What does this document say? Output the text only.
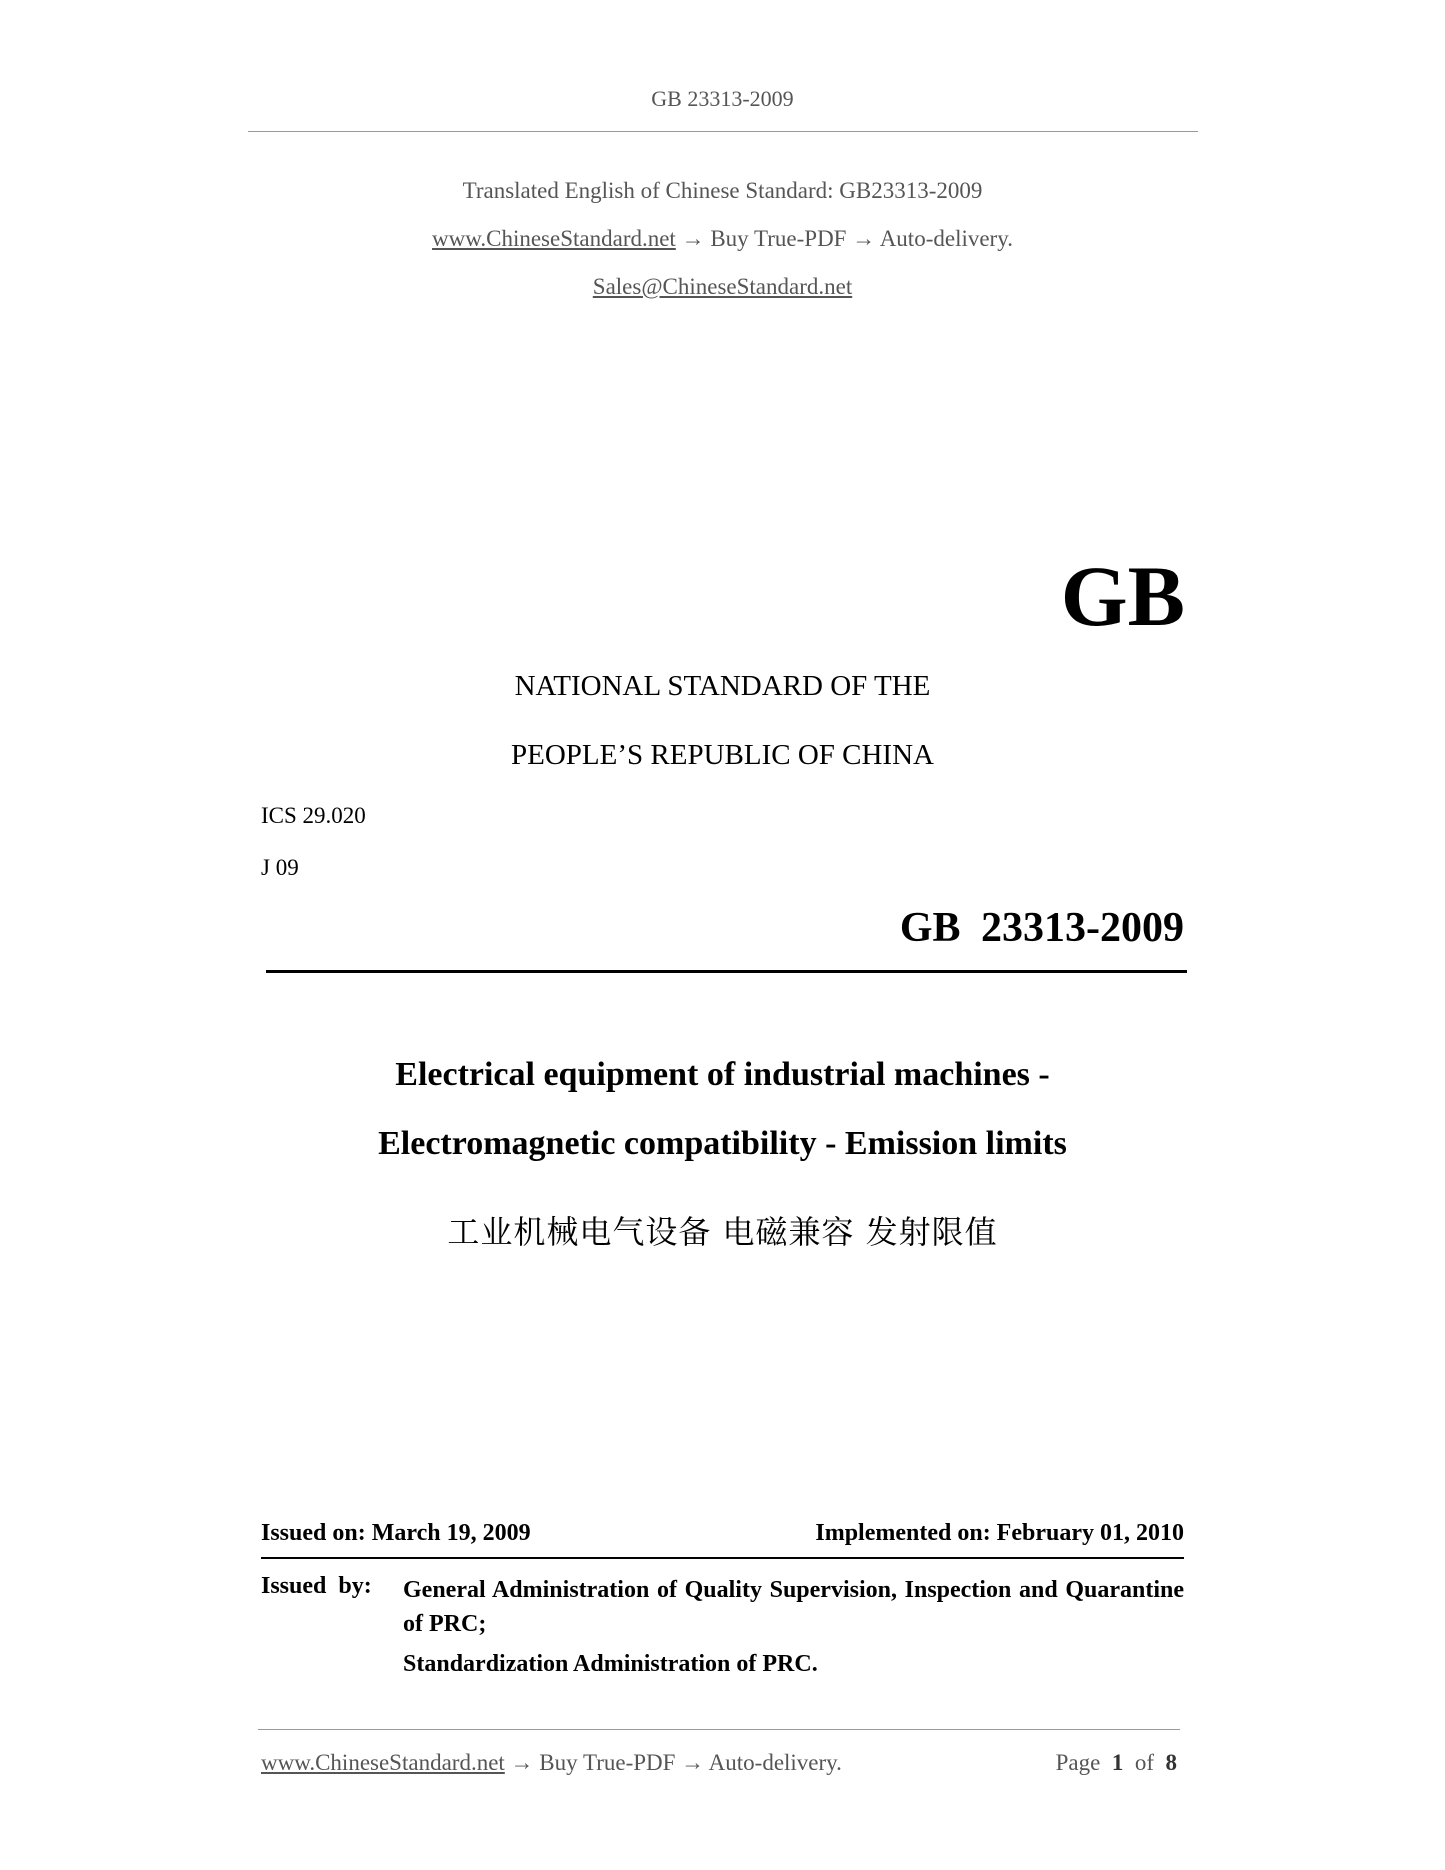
GB 23313-2009
Translated English of Chinese Standard: GB23313-2009
www.ChineseStandard.net → Buy True-PDF → Auto-delivery.
Sales@ChineseStandard.net
GB
NATIONAL STANDARD OF THE
PEOPLE’S REPUBLIC OF CHINA
ICS 29.020
J 09
GB 23313-2009
Electrical equipment of industrial machines -
Electromagnetic compatibility - Emission limits
工业机械电气设备 电磁兼容 发射限值
Issued on: March 19, 2009	Implemented on: February 01, 2010
Issued by: General Administration of Quality Supervision, Inspection and Quarantine of PRC;
Standardization Administration of PRC.
www.ChineseStandard.net → Buy True-PDF → Auto-delivery.	Page 1 of 8
